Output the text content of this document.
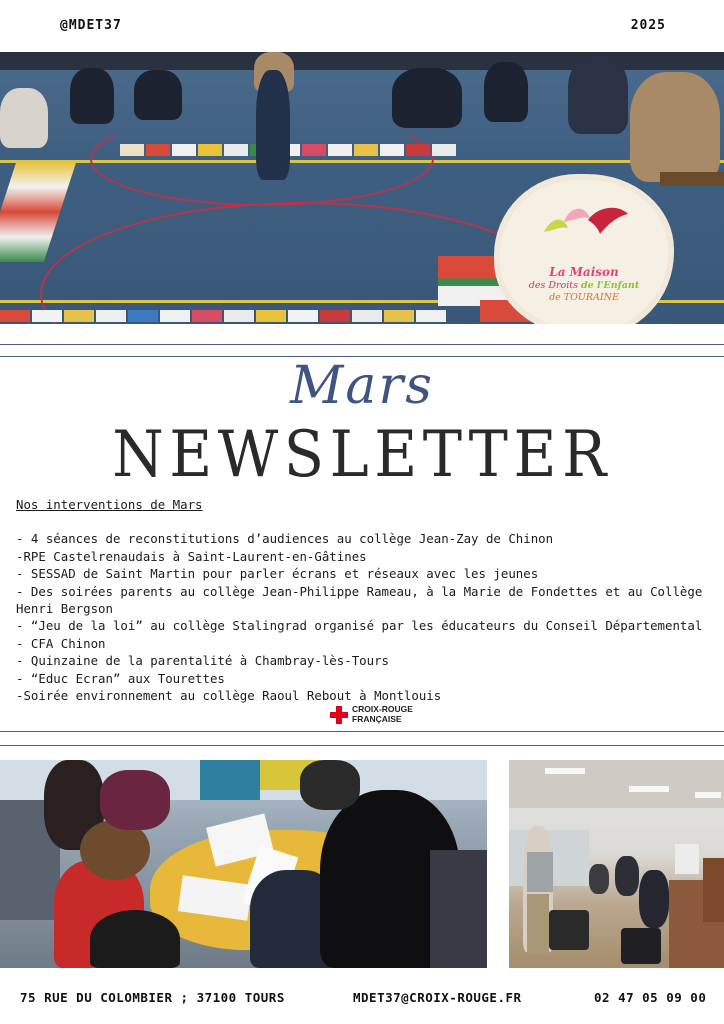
@MDET37	2025
La Maison
des Droits de l'Enfant
de TOURAINE
Mars
NEWSLETTER
Nos interventions de Mars
- 4 séances de reconstitutions d’audiences au collège Jean-Zay de Chinon
-RPE Castelrenaudais à Saint-Laurent-en-Gâtines
- SESSAD de Saint Martin pour parler écrans et réseaux avec les jeunes
- Des soirées parents au collège Jean-Philippe Rameau, à la Marie de Fondettes et au Collège Henri Bergson
- “Jeu de la loi” au collège Stalingrad organisé par les éducateurs du Conseil Départemental
- CFA Chinon
- Quinzaine de la parentalité à Chambray-lès-Tours
- “Educ Ecran” aux Tourettes
-Soirée environnement au collège Raoul Rebout à Montlouis
CROIX-ROUGE
FRANÇAISE
75 RUE DU COLOMBIER ; 37100 TOURS	MDET37@CROIX-ROUGE.FR	02 47 05 09 00
